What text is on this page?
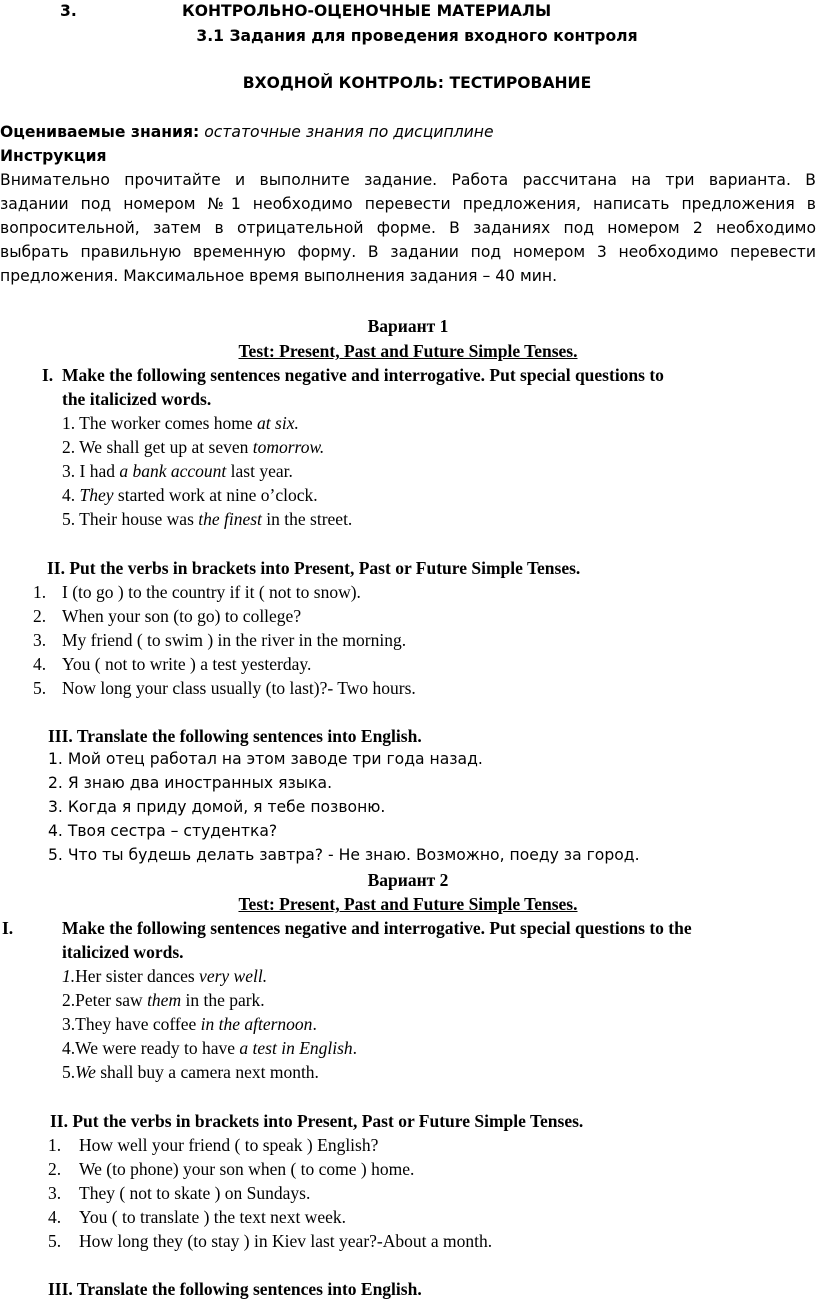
3.	КОНТРОЛЬНО-ОЦЕНОЧНЫЕ МАТЕРИАЛЫ
3.1 Задания для проведения входного контроля
ВХОДНОЙ КОНТРОЛЬ: ТЕСТИРОВАНИЕ
Оцениваемые знания: остаточные знания по дисциплине
Инструкция
Внимательно прочитайте и выполните задание. Работа рассчитана на три варианта. В
задании под номером №1 необходимо перевести предложения, написать предложения в
вопросительной, затем в отрицательной форме. В заданиях под номером 2 необходимо
выбрать правильную временную форму. В задании под номером 3 необходимо перевести
предложения. Максимальное время выполнения задания – 40 мин.
Вариант 1
Test: Present, Past and Future Simple Tenses.
I. Make the following sentences negative and interrogative. Put special questions to
the italicized words.
1. The worker comes home at six.
2. We shall get up at seven tomorrow.
3. I had a bank account last year.
4. They started work at nine o’clock.
5. Their house was the finest in the street.
II. Put the verbs in brackets into Present, Past or Future Simple Tenses.
1. I (to go ) to the country if it ( not to snow).
2. When your son (to go) to college?
3. My friend ( to swim ) in the river in the morning.
4. You ( not to write ) a test yesterday.
5. Now long your class usually (to last)?- Two hours.
III. Translate the following sentences into English.
1. Мой отец работал на этом заводе три года назад.
2. Я знаю два иностранных языка.
3. Когда я приду домой, я тебе позвоню.
4. Твоя сестра – студентка?
5. Что ты будешь делать завтра? - Не знаю. Возможно, поеду за город.
Вариант 2
Test: Present, Past and Future Simple Tenses.
I.	Make the following sentences negative and interrogative. Put special questions to the
italicized words.
1.Her sister dances very well.
2.Peter saw them in the park.
3.They have coffee in the afternoon.
4.We were ready to have a test in English.
5.We shall buy a camera next month.
II. Put the verbs in brackets into Present, Past or Future Simple Tenses.
1. How well your friend ( to speak ) English?
2. We (to phone) your son when ( to come ) home.
3. They ( not to skate ) on Sundays.
4. You ( to translate ) the text next week.
5. How long they (to stay ) in Kiev last year?-About a month.
III. Translate the following sentences into English.
